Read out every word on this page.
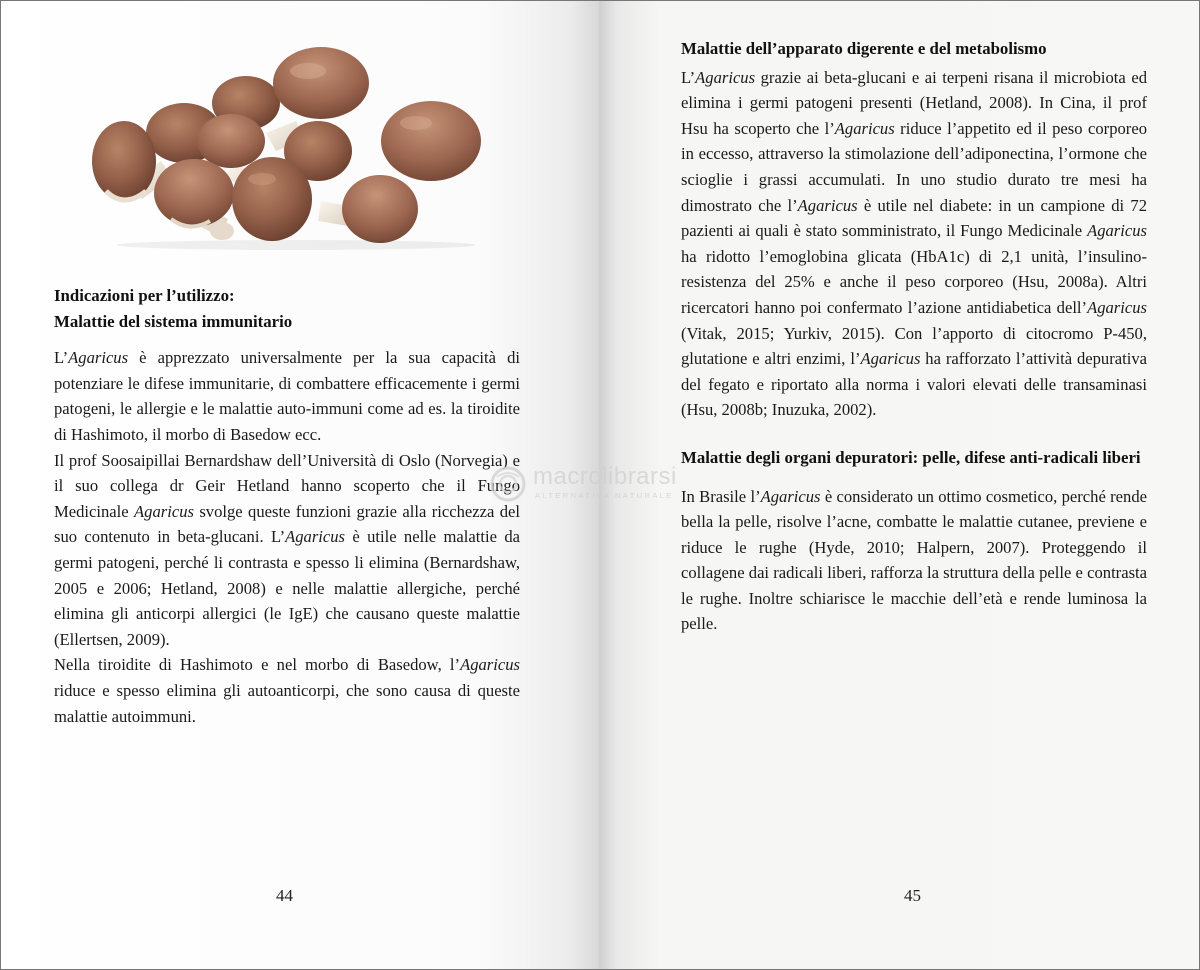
Indicazioni per l’utilizzo:
Malattie del sistema immunitario

L’Agaricus è apprezzato universalmente per la sua capacità di potenziare le difese immunitarie, di combattere efficacemente i germi patogeni, le allergie e le malattie auto-immuni come ad es. la tiroidite di Hashimoto, il morbo di Basedow ecc.

Il prof Soosaipillai Bernardshaw dell’Università di Oslo (Norvegia) e il suo collega dr Geir Hetland hanno scoperto che il Fungo Medicinale Agaricus svolge queste funzioni grazie alla ricchezza del suo contenuto in beta-glucani. L’Agaricus è utile nelle malattie da germi patogeni, perché li contrasta e spesso li elimina (Bernardshaw, 2005 e 2006; Hetland, 2008) e nelle malattie allergiche, perché elimina gli anticorpi allergici (le IgE) che causano queste malattie (Ellertsen, 2009).

Nella tiroidite di Hashimoto e nel morbo di Basedow, l’Agaricus riduce e spesso elimina gli autoanticorpi, che sono causa di queste malattie autoimmuni.

44
Malattie dell’apparato digerente e del metabolismo

L’Agaricus grazie ai beta-glucani e ai terpeni risana il microbiota ed elimina i germi patogeni presenti (Hetland, 2008). In Cina, il prof Hsu ha scoperto che l’Agaricus riduce l’appetito ed il peso corporeo in eccesso, attraverso la stimolazione dell’adiponectina, l’ormone che scioglie i grassi accumulati. In uno studio durato tre mesi ha dimostrato che l’Agaricus è utile nel diabete: in un campione di 72 pazienti ai quali è stato somministrato, il Fungo Medicinale Agaricus ha ridotto l’emoglobina glicata (HbA1c) di 2,1 unità, l’insulino-resistenza del 25% e anche il peso corporeo (Hsu, 2008a). Altri ricercatori hanno poi confermato l’azione antidiabetica dell’Agaricus (Vitak, 2015; Yurkiv, 2015). Con l’apporto di citocromo P-450, glutatione e altri enzimi, l’Agaricus ha rafforzato l’attività depurativa del fegato e riportato alla norma i valori elevati delle transaminasi (Hsu, 2008b; Inuzuka, 2002).

Malattie degli organi depuratori: pelle, difese anti-radicali liberi

In Brasile l’Agaricus è considerato un ottimo cosmetico, perché rende bella la pelle, risolve l’acne, combatte le malattie cutanee, previene e riduce le rughe (Hyde, 2010; Halpern, 2007). Proteggendo il collagene dai radicali liberi, rafforza la struttura della pelle e contrasta le rughe. Inoltre schiarisce le macchie dell’età e rende luminosa la pelle.

45
macrolibrarsi
ALTERNATIVA NATURALE
